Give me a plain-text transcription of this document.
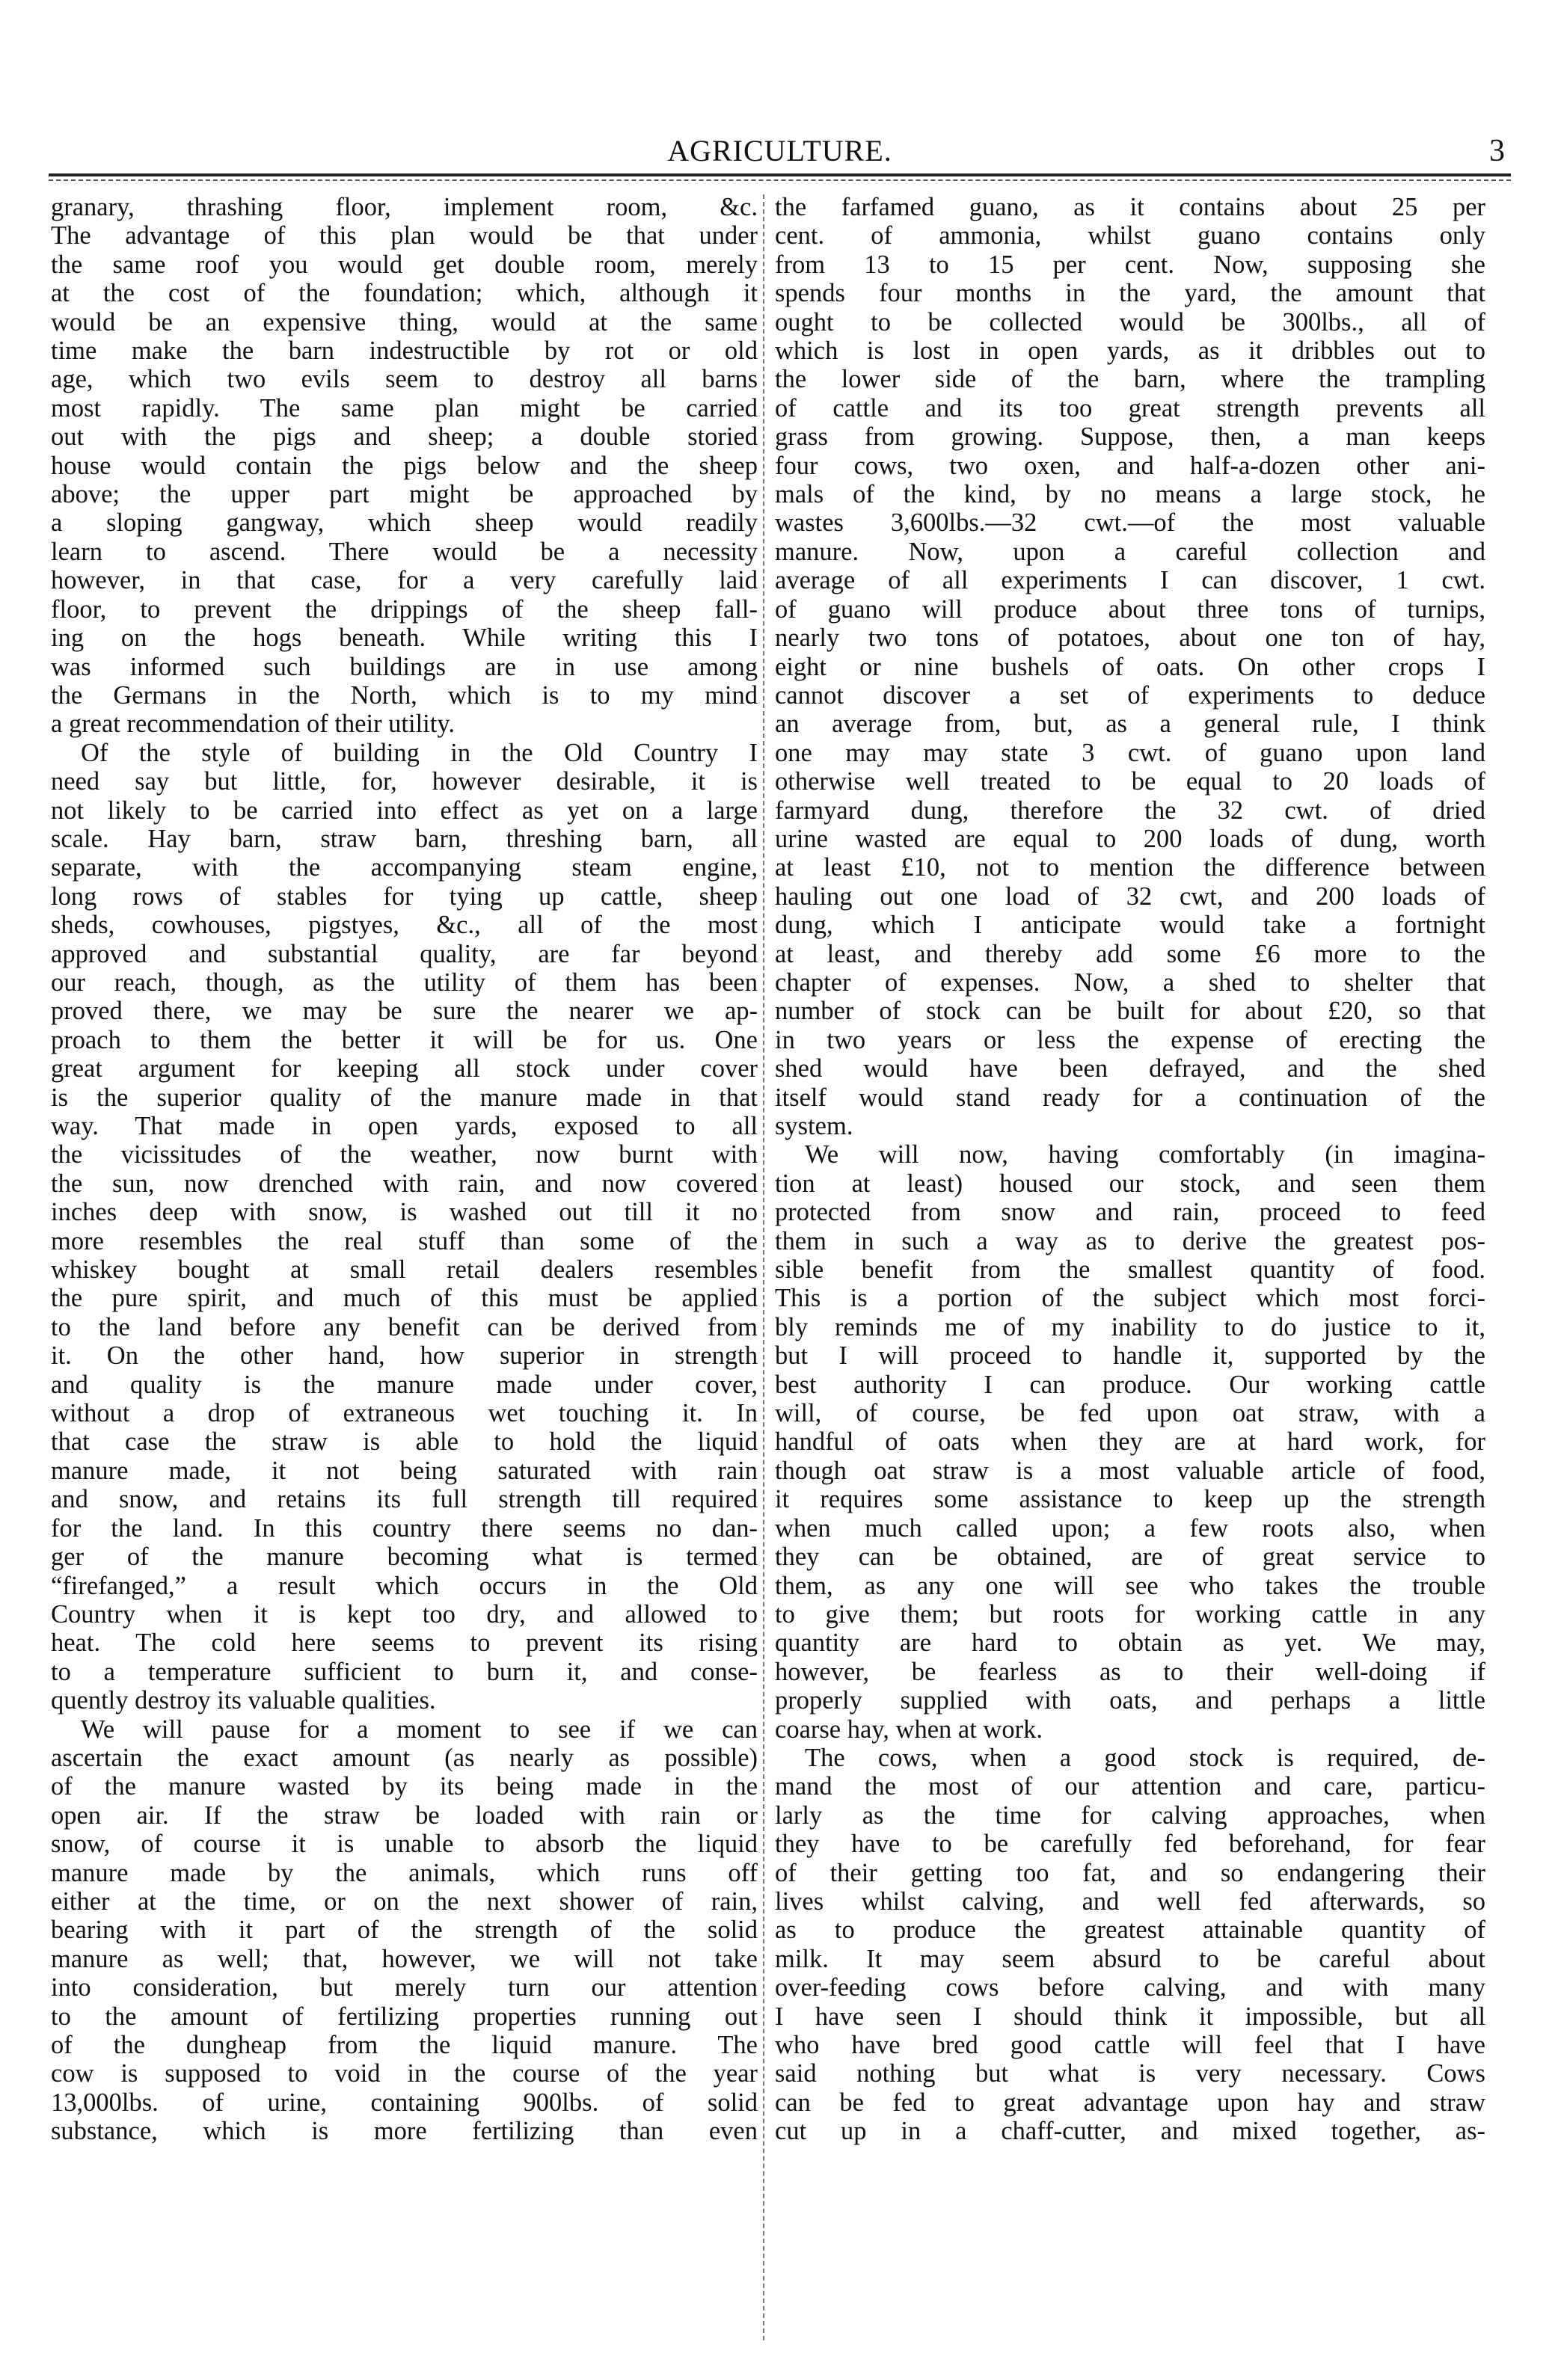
AGRICULTURE.	3
granary, thrashing floor, implement room, &c.
The advantage of this plan would be that under
the same roof you would get double room, merely
at the cost of the foundation; which, although it
would be an expensive thing, would at the same
time make the barn indestructible by rot or old
age, which two evils seem to destroy all barns
most rapidly. The same plan might be carried
out with the pigs and sheep; a double storied
house would contain the pigs below and the sheep
above; the upper part might be approached by
a sloping gangway, which sheep would readily
learn to ascend. There would be a necessity
however, in that case, for a very carefully laid
floor, to prevent the drippings of the sheep fall-
ing on the hogs beneath. While writing this I
was informed such buildings are in use among
the Germans in the North, which is to my mind
a great recommendation of their utility.
Of the style of building in the Old Country I
need say but little, for, however desirable, it is
not likely to be carried into effect as yet on a large
scale. Hay barn, straw barn, threshing barn, all
separate, with the accompanying steam engine,
long rows of stables for tying up cattle, sheep
sheds, cowhouses, pigstyes, &c., all of the most
approved and substantial quality, are far beyond
our reach, though, as the utility of them has been
proved there, we may be sure the nearer we ap-
proach to them the better it will be for us. One
great argument for keeping all stock under cover
is the superior quality of the manure made in that
way. That made in open yards, exposed to all
the vicissitudes of the weather, now burnt with
the sun, now drenched with rain, and now covered
inches deep with snow, is washed out till it no
more resembles the real stuff than some of the
whiskey bought at small retail dealers resembles
the pure spirit, and much of this must be applied
to the land before any benefit can be derived from
it. On the other hand, how superior in strength
and quality is the manure made under cover,
without a drop of extraneous wet touching it. In
that case the straw is able to hold the liquid
manure made, it not being saturated with rain
and snow, and retains its full strength till required
for the land. In this country there seems no dan-
ger of the manure becoming what is termed
“firefanged,” a result which occurs in the Old
Country when it is kept too dry, and allowed to
heat. The cold here seems to prevent its rising
to a temperature sufficient to burn it, and conse-
quently destroy its valuable qualities.
We will pause for a moment to see if we can
ascertain the exact amount (as nearly as possible)
of the manure wasted by its being made in the
open air. If the straw be loaded with rain or
snow, of course it is unable to absorb the liquid
manure made by the animals, which runs off
either at the time, or on the next shower of rain,
bearing with it part of the strength of the solid
manure as well; that, however, we will not take
into consideration, but merely turn our attention
to the amount of fertilizing properties running out
of the dungheap from the liquid manure. The
cow is supposed to void in the course of the year
13,000lbs. of urine, containing 900lbs. of solid
substance, which is more fertilizing than even
the farfamed guano, as it contains about 25 per
cent. of ammonia, whilst guano contains only
from 13 to 15 per cent. Now, supposing she
spends four months in the yard, the amount that
ought to be collected would be 300lbs., all of
which is lost in open yards, as it dribbles out to
the lower side of the barn, where the trampling
of cattle and its too great strength prevents all
grass from growing. Suppose, then, a man keeps
four cows, two oxen, and half-a-dozen other ani-
mals of the kind, by no means a large stock, he
wastes 3,600lbs.—32 cwt.—of the most valuable
manure. Now, upon a careful collection and
average of all experiments I can discover, 1 cwt.
of guano will produce about three tons of turnips,
nearly two tons of potatoes, about one ton of hay,
eight or nine bushels of oats. On other crops I
cannot discover a set of experiments to deduce
an average from, but, as a general rule, I think
one may may state 3 cwt. of guano upon land
otherwise well treated to be equal to 20 loads of
farmyard dung, therefore the 32 cwt. of dried
urine wasted are equal to 200 loads of dung, worth
at least £10, not to mention the difference between
hauling out one load of 32 cwt, and 200 loads of
dung, which I anticipate would take a fortnight
at least, and thereby add some £6 more to the
chapter of expenses. Now, a shed to shelter that
number of stock can be built for about £20, so that
in two years or less the expense of erecting the
shed would have been defrayed, and the shed
itself would stand ready for a continuation of the
system.
We will now, having comfortably (in imagina-
tion at least) housed our stock, and seen them
protected from snow and rain, proceed to feed
them in such a way as to derive the greatest pos-
sible benefit from the smallest quantity of food.
This is a portion of the subject which most forci-
bly reminds me of my inability to do justice to it,
but I will proceed to handle it, supported by the
best authority I can produce. Our working cattle
will, of course, be fed upon oat straw, with a
handful of oats when they are at hard work, for
though oat straw is a most valuable article of food,
it requires some assistance to keep up the strength
when much called upon; a few roots also, when
they can be obtained, are of great service to
them, as any one will see who takes the trouble
to give them; but roots for working cattle in any
quantity are hard to obtain as yet. We may,
however, be fearless as to their well-doing if
properly supplied with oats, and perhaps a little
coarse hay, when at work.
The cows, when a good stock is required, de-
mand the most of our attention and care, particu-
larly as the time for calving approaches, when
they have to be carefully fed beforehand, for fear
of their getting too fat, and so endangering their
lives whilst calving, and well fed afterwards, so
as to produce the greatest attainable quantity of
milk. It may seem absurd to be careful about
over-feeding cows before calving, and with many
I have seen I should think it impossible, but all
who have bred good cattle will feel that I have
said nothing but what is very necessary. Cows
can be fed to great advantage upon hay and straw
cut up in a chaff-cutter, and mixed together, as-
